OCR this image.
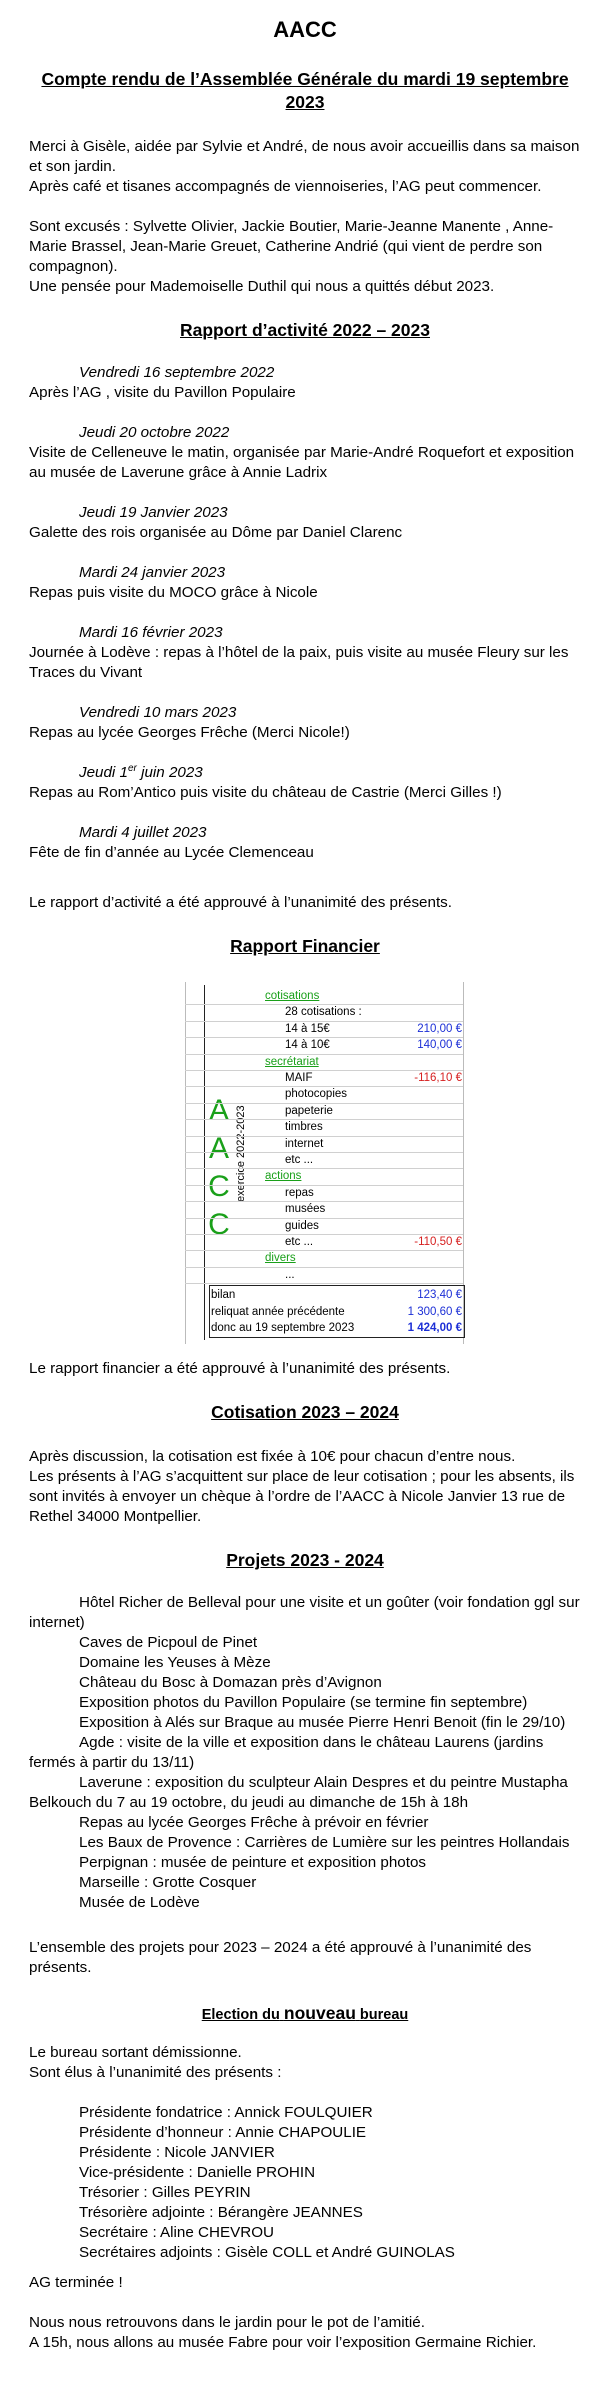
AACC
Compte rendu de l’Assemblée Générale du mardi 19 septembre 2023
Merci à Gisèle, aidée par Sylvie et André, de nous avoir accueillis dans sa maison et son jardin.
Après café et tisanes accompagnés de viennoiseries, l’AG peut commencer.
Sont excusés : Sylvette Olivier, Jackie Boutier, Marie-Jeanne Manente , Anne-Marie Brassel, Jean-Marie Greuet, Catherine Andrié (qui vient de perdre son compagnon).
Une pensée pour Mademoiselle Duthil qui nous a quittés début 2023.
Rapport d’activité 2022 – 2023
Vendredi 16 septembre 2022
Après l’AG , visite du Pavillon Populaire
Jeudi 20 octobre 2022
Visite de Celleneuve le matin, organisée par Marie-André Roquefort et exposition au musée de Laverune grâce à Annie Ladrix
Jeudi 19 Janvier 2023
Galette des rois organisée au Dôme par Daniel Clarenc
Mardi 24 janvier 2023
Repas puis visite du MOCO grâce à Nicole
Mardi 16 février 2023
Journée à Lodève : repas à l’hôtel de la paix, puis visite au musée Fleury sur les Traces du Vivant
Vendredi 10 mars 2023
Repas au lycée Georges Frêche (Merci Nicole!)
Jeudi 1er juin 2023
Repas au Rom’Antico puis visite du château de Castrie (Merci Gilles !)
Mardi 4 juillet 2023
Fête de fin d’année au Lycée Clemenceau
Le rapport d’activité a été approuvé à l’unanimité des présents.
Rapport Financier
A
A
C
C
exercice 2022-2023
cotisations
28 cotisations :
14 à 15€	210,00 €
14 à 10€	140,00 €
secrétariat
MAIF	-116,10 €
photocopies
papeterie
timbres
internet
etc ...
actions
repas
musées
guides
etc ...	-110,50 €
divers
...
bilan	123,40 €
reliquat année précédente	1 300,60 €
donc au 19 septembre 2023	1 424,00 €
Le rapport financier a été approuvé à l’unanimité des présents.
Cotisation 2023 – 2024
Après discussion, la cotisation est fixée à 10€ pour chacun d’entre nous.
Les présents à l’AG s’acquittent sur place de leur cotisation ; pour les absents, ils sont invités à envoyer un chèque à l’ordre de l’AACC à Nicole Janvier 13 rue de Rethel 34000 Montpellier.
Projets 2023 - 2024
Hôtel Richer de Belleval pour une visite et un goûter (voir fondation ggl sur internet)
Caves de Picpoul de Pinet
Domaine les Yeuses à Mèze
Château du Bosc à Domazan près d’Avignon
Exposition photos du Pavillon Populaire (se termine fin septembre)
Exposition à Alés sur Braque au musée Pierre Henri Benoit (fin le 29/10)
Agde : visite de la ville et exposition dans le château Laurens (jardins fermés à partir du 13/11)
Laverune : exposition du sculpteur Alain Despres et du peintre Mustapha Belkouch du 7 au 19 octobre, du jeudi au dimanche de 15h à 18h
Repas au lycée Georges Frêche à prévoir en février
Les Baux de Provence : Carrières de Lumière sur les peintres Hollandais
Perpignan : musée de peinture et exposition photos
Marseille : Grotte Cosquer
Musée de Lodève
L’ensemble des projets pour 2023 – 2024 a été approuvé à l’unanimité des présents.
Election du nouveau bureau
Le bureau sortant démissionne.
Sont élus à l’unanimité des présents :
Présidente fondatrice : Annick FOULQUIER
Présidente d’honneur : Annie CHAPOULIE
Présidente : Nicole JANVIER
Vice-présidente : Danielle PROHIN
Trésorier : Gilles PEYRIN
Trésorière adjointe : Bérangère JEANNES
Secrétaire : Aline CHEVROU
Secrétaires adjoints : Gisèle COLL et André GUINOLAS
AG terminée !
Nous nous retrouvons dans le jardin pour le pot de l’amitié.
A 15h, nous allons au musée Fabre pour voir l’exposition Germaine Richier.
